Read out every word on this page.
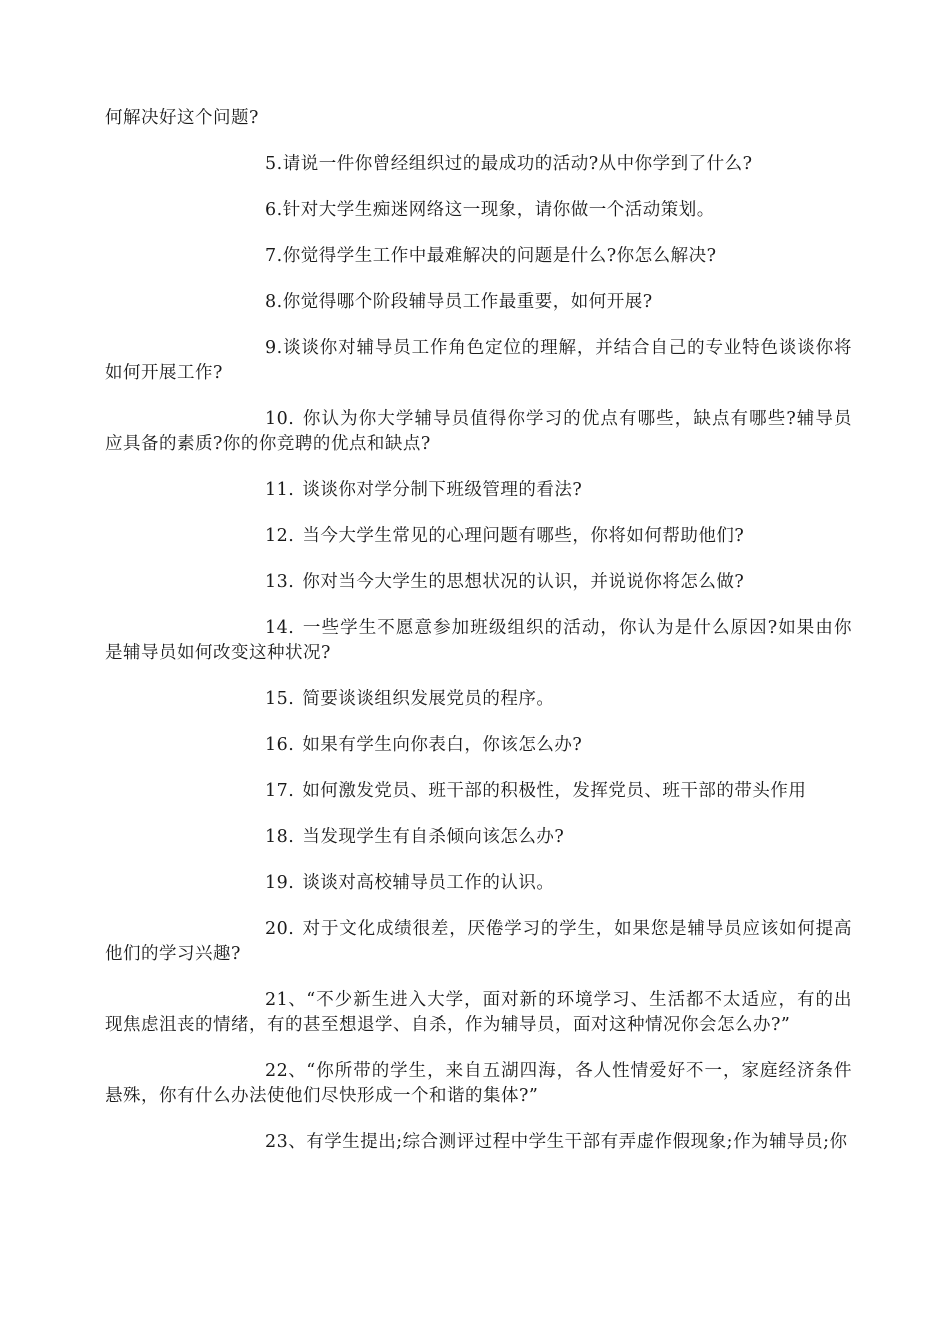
何解决好这个问题?

5.请说一件你曾经组织过的最成功的活动?从中你学到了什么?

6.针对大学生痴迷网络这一现象，请你做一个活动策划。

7.你觉得学生工作中最难解决的问题是什么?你怎么解决?

8.你觉得哪个阶段辅导员工作最重要，如何开展?

9.谈谈你对辅导员工作角色定位的理解，并结合自己的专业特色谈谈你将如何开展工作?

10. 你认为你大学辅导员值得你学习的优点有哪些，缺点有哪些?辅导员应具备的素质?你的你竞聘的优点和缺点?

11. 谈谈你对学分制下班级管理的看法?

12. 当今大学生常见的心理问题有哪些，你将如何帮助他们?

13. 你对当今大学生的思想状况的认识，并说说你将怎么做?

14. 一些学生不愿意参加班级组织的活动，你认为是什么原因?如果由你是辅导员如何改变这种状况?

15. 简要谈谈组织发展党员的程序。

16. 如果有学生向你表白，你该怎么办?

17. 如何激发党员、班干部的积极性，发挥党员、班干部的带头作用

18. 当发现学生有自杀倾向该怎么办?

19. 谈谈对高校辅导员工作的认识。

20. 对于文化成绩很差，厌倦学习的学生，如果您是辅导员应该如何提高他们的学习兴趣?

21、“不少新生进入大学，面对新的环境学习、生活都不太适应，有的出现焦虑沮丧的情绪，有的甚至想退学、自杀，作为辅导员，面对这种情况你会怎么办?”

22、“你所带的学生，来自五湖四海，各人性情爱好不一，家庭经济条件悬殊，你有什么办法使他们尽快形成一个和谐的集体?”

23、有学生提出;综合测评过程中学生干部有弄虚作假现象;作为辅导员;你
